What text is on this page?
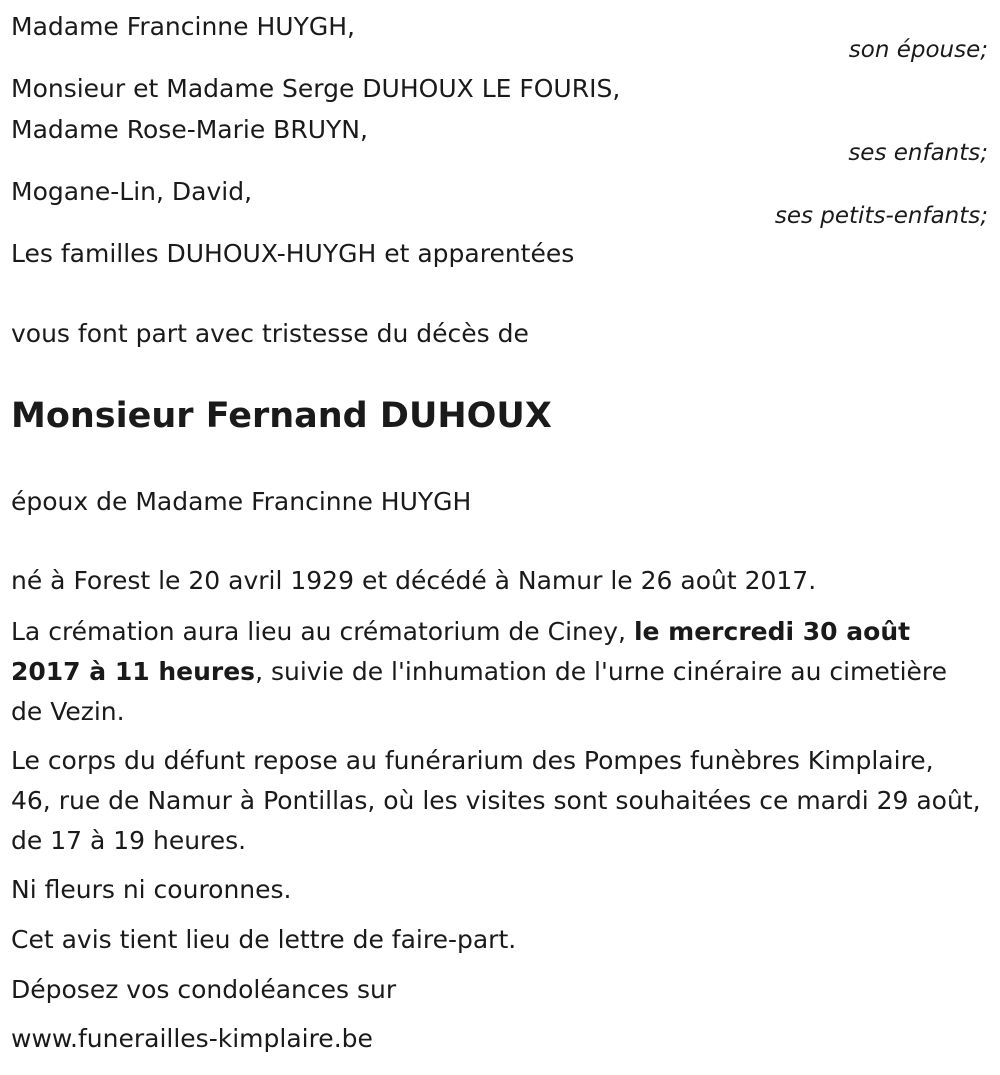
Madame Francinne HUYGH,
son épouse;
Monsieur et Madame Serge DUHOUX LE FOURIS,
Madame Rose-Marie BRUYN,
ses enfants;
Mogane-Lin, David,
ses petits-enfants;
Les familles DUHOUX-HUYGH et apparentées
vous font part avec tristesse du décès de
Monsieur Fernand DUHOUX
époux de Madame Francinne HUYGH
né à Forest le 20 avril 1929 et décédé à Namur le 26 août 2017.
La crémation aura lieu au crématorium de Ciney, le mercredi 30 août 2017 à 11 heures, suivie de l'inhumation de l'urne cinéraire au cimetière de Vezin.
Le corps du défunt repose au funérarium des Pompes funèbres Kimplaire, 46, rue de Namur à Pontillas, où les visites sont souhaitées ce mardi 29 août, de 17 à 19 heures.
Ni fleurs ni couronnes.
Cet avis tient lieu de lettre de faire-part.
Déposez vos condoléances sur
www.funerailles-kimplaire.be
